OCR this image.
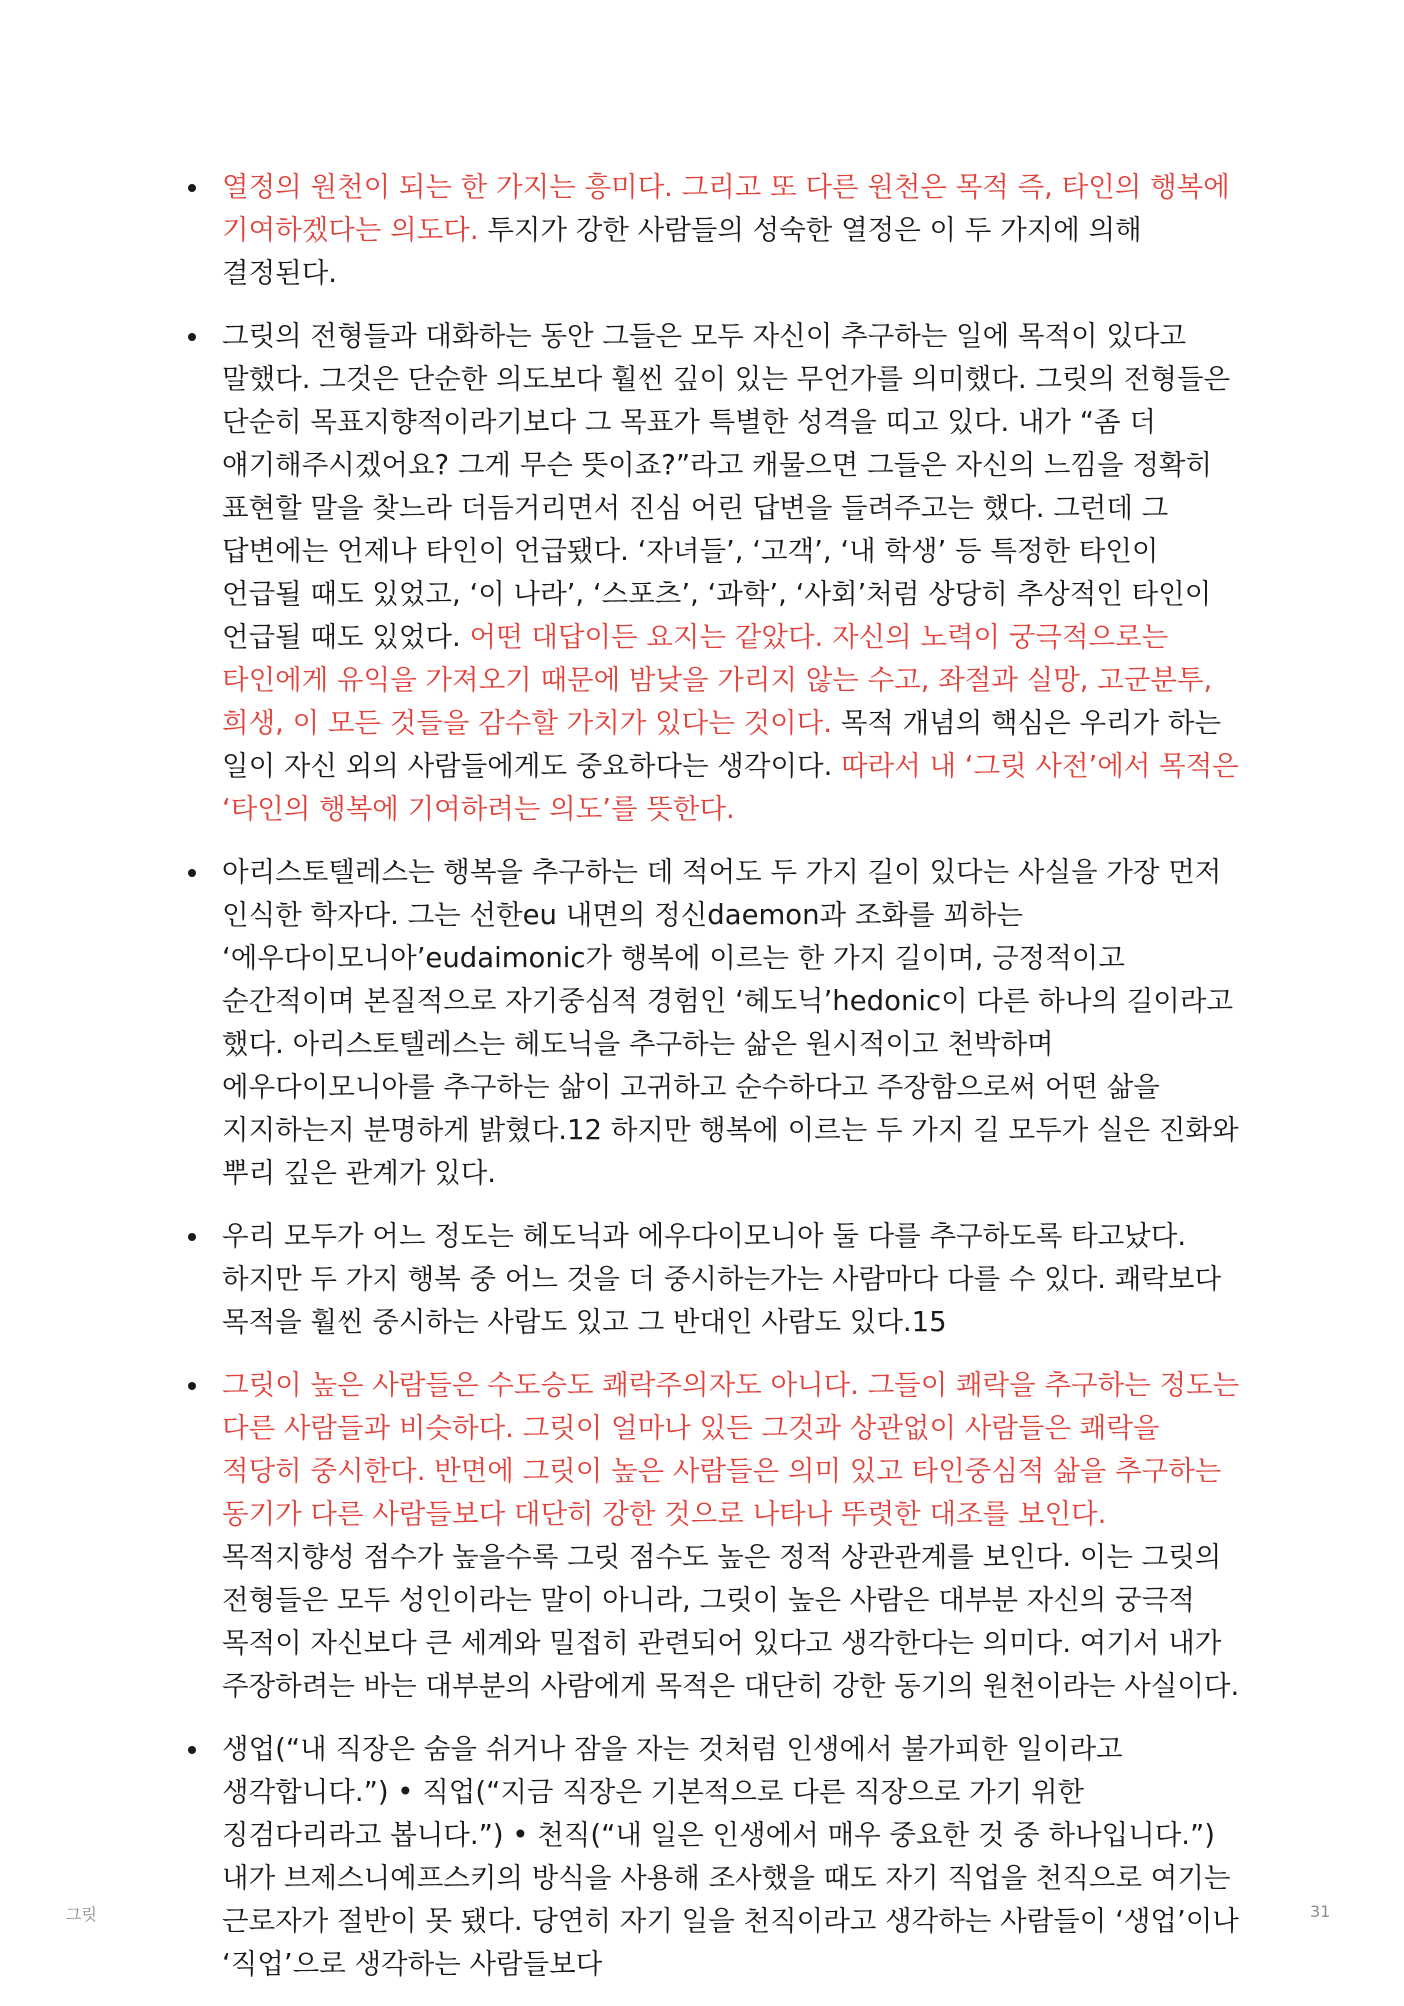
열정의 원천이 되는 한 가지는 흥미다. 그리고 또 다른 원천은 목적 즉, 타인의 행복에 기여하겠다는 의도다. 투지가 강한 사람들의 성숙한 열정은 이 두 가지에 의해 결정된다.
그릿의 전형들과 대화하는 동안 그들은 모두 자신이 추구하는 일에 목적이 있다고 말했다. 그것은 단순한 의도보다 훨씬 깊이 있는 무언가를 의미했다. 그릿의 전형들은 단순히 목표지향적이라기보다 그 목표가 특별한 성격을 띠고 있다. 내가 “좀 더 얘기해주시겠어요? 그게 무슨 뜻이죠?”라고 캐물으면 그들은 자신의 느낌을 정확히 표현할 말을 찾느라 더듬거리면서 진심 어린 답변을 들려주고는 했다. 그런데 그 답변에는 언제나 타인이 언급됐다. ‘자녀들’, ‘고객’, ‘내 학생’ 등 특정한 타인이 언급될 때도 있었고, ‘이 나라’, ‘스포츠’, ‘과학’, ‘사회’처럼 상당히 추상적인 타인이 언급될 때도 있었다. 어떤 대답이든 요지는 같았다. 자신의 노력이 궁극적으로는 타인에게 유익을 가져오기 때문에 밤낮을 가리지 않는 수고, 좌절과 실망, 고군분투, 희생, 이 모든 것들을 감수할 가치가 있다는 것이다. 목적 개념의 핵심은 우리가 하는 일이 자신 외의 사람들에게도 중요하다는 생각이다. 따라서 내 ‘그릿 사전’에서 목적은 ‘타인의 행복에 기여하려는 의도’를 뜻한다.
아리스토텔레스는 행복을 추구하는 데 적어도 두 가지 길이 있다는 사실을 가장 먼저 인식한 학자다. 그는 선한eu 내면의 정신daemon과 조화를 꾀하는 ‘에우다이모니아’eudaimonic가 행복에 이르는 한 가지 길이며, 긍정적이고 순간적이며 본질적으로 자기중심적 경험인 ‘헤도닉’hedonic이 다른 하나의 길이라고 했다. 아리스토텔레스는 헤도닉을 추구하는 삶은 원시적이고 천박하며 에우다이모니아를 추구하는 삶이 고귀하고 순수하다고 주장함으로써 어떤 삶을 지지하는지 분명하게 밝혔다.12 하지만 행복에 이르는 두 가지 길 모두가 실은 진화와 뿌리 깊은 관계가 있다.
우리 모두가 어느 정도는 헤도닉과 에우다이모니아 둘 다를 추구하도록 타고났다. 하지만 두 가지 행복 중 어느 것을 더 중시하는가는 사람마다 다를 수 있다. 쾌락보다 목적을 훨씬 중시하는 사람도 있고 그 반대인 사람도 있다.15
그릿이 높은 사람들은 수도승도 쾌락주의자도 아니다. 그들이 쾌락을 추구하는 정도는 다른 사람들과 비슷하다. 그릿이 얼마나 있든 그것과 상관없이 사람들은 쾌락을 적당히 중시한다. 반면에 그릿이 높은 사람들은 의미 있고 타인중심적 삶을 추구하는 동기가 다른 사람들보다 대단히 강한 것으로 나타나 뚜렷한 대조를 보인다. 목적지향성 점수가 높을수록 그릿 점수도 높은 정적 상관관계를 보인다. 이는 그릿의 전형들은 모두 성인이라는 말이 아니라, 그릿이 높은 사람은 대부분 자신의 궁극적 목적이 자신보다 큰 세계와 밀접히 관련되어 있다고 생각한다는 의미다. 여기서 내가 주장하려는 바는 대부분의 사람에게 목적은 대단히 강한 동기의 원천이라는 사실이다.
생업(“내 직장은 숨을 쉬거나 잠을 자는 것처럼 인생에서 불가피한 일이라고 생각합니다.”) • 직업(“지금 직장은 기본적으로 다른 직장으로 가기 위한 징검다리라고 봅니다.”) • 천직(“내 일은 인생에서 매우 중요한 것 중 하나입니다.”) 내가 브제스니예프스키의 방식을 사용해 조사했을 때도 자기 직업을 천직으로 여기는 근로자가 절반이 못 됐다. 당연히 자기 일을 천직이라고 생각하는 사람들이 ‘생업’이나 ‘직업’으로 생각하는 사람들보다
그릿	31
